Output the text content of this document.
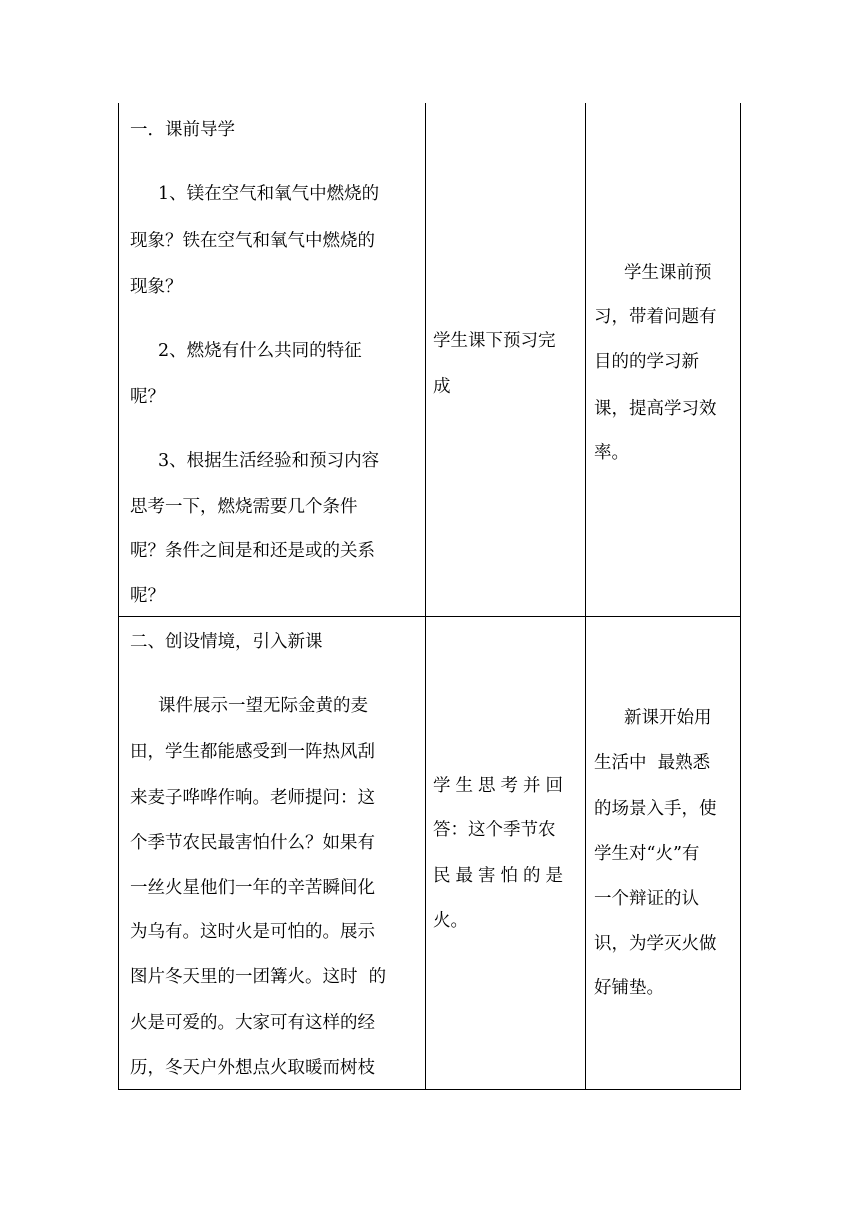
一．课前导学
1、镁在空气和氧气中燃烧的
现象？铁在空气和氧气中燃烧的
现象？
2、燃烧有什么共同的特征
呢？
3、根据生活经验和预习内容
思考一下，燃烧需要几个条件
呢？条件之间是和还是或的关系
呢？
学生课下预习完
成
学生课前预
习，带着问题有
目的的学习新
课，提高学习效
率。
二、创设情境，引入新课
课件展示一望无际金黄的麦
田，学生都能感受到一阵热风刮
来麦子哗哗作响。老师提问：这
个季节农民最害怕什么？如果有
一丝火星他们一年的辛苦瞬间化
为乌有。这时火是可怕的。展示
图片冬天里的一团篝火。这时  的
火是可爱的。大家可有这样的经
历，冬天户外想点火取暖而树枝
学生思考并回
答：这个季节农
民最害怕的是
火。
新课开始用
生活中  最熟悉
的场景入手，使
学生对“火”有
一个辩证的认
识，为学灭火做
好铺垫。
